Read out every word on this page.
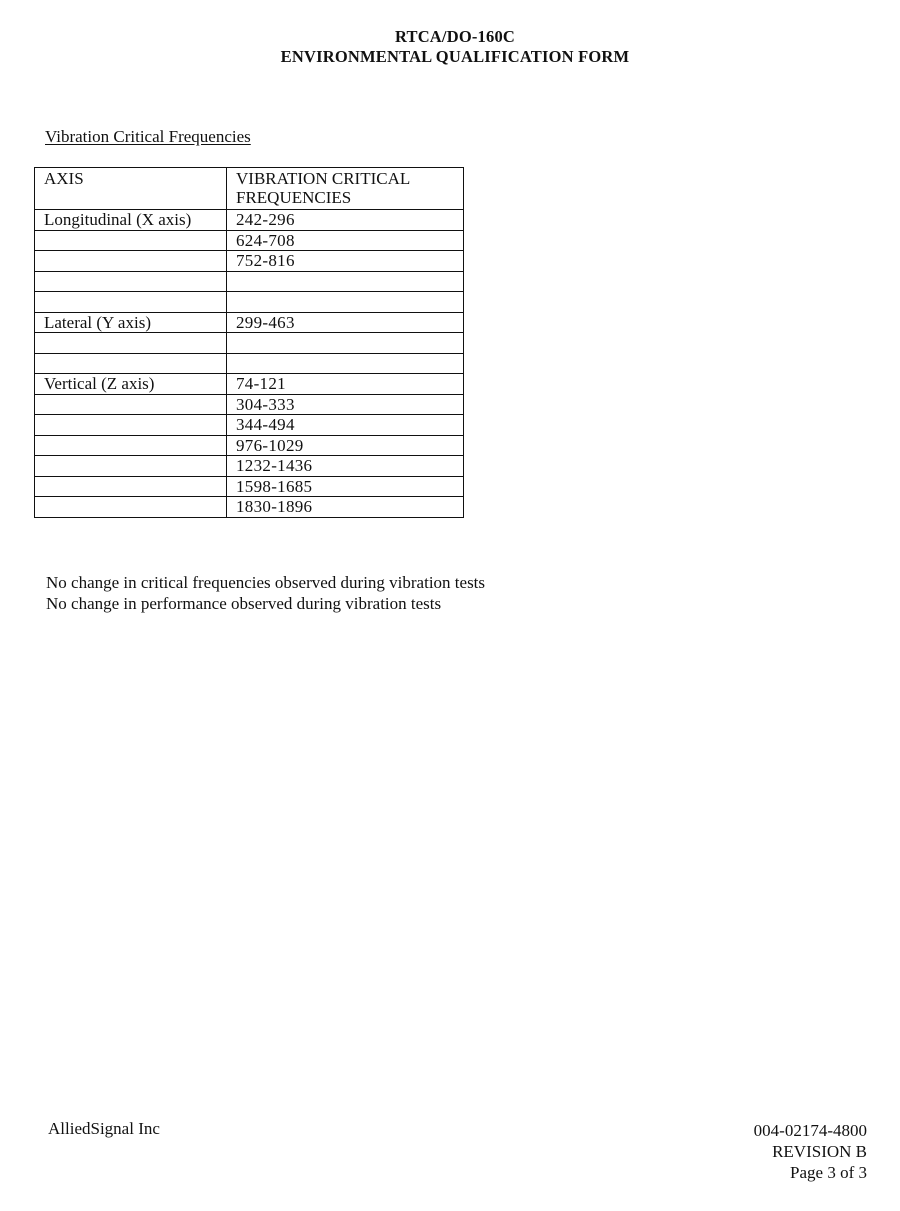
RTCA/DO-160C
ENVIRONMENTAL QUALIFICATION FORM
Vibration Critical Frequencies
AXIS	VIBRATION CRITICAL
FREQUENCIES
Longitudinal (X axis)	242-296
	624-708
	752-816

Lateral (Y axis)	299-463

Vertical (Z axis)	74-121
	304-333
	344-494
	976-1029
	1232-1436
	1598-1685
	1830-1896
No change in critical frequencies observed during vibration tests
No change in performance observed during vibration tests
AlliedSignal Inc	004-02174-4800
REVISION B
Page 3 of 3
